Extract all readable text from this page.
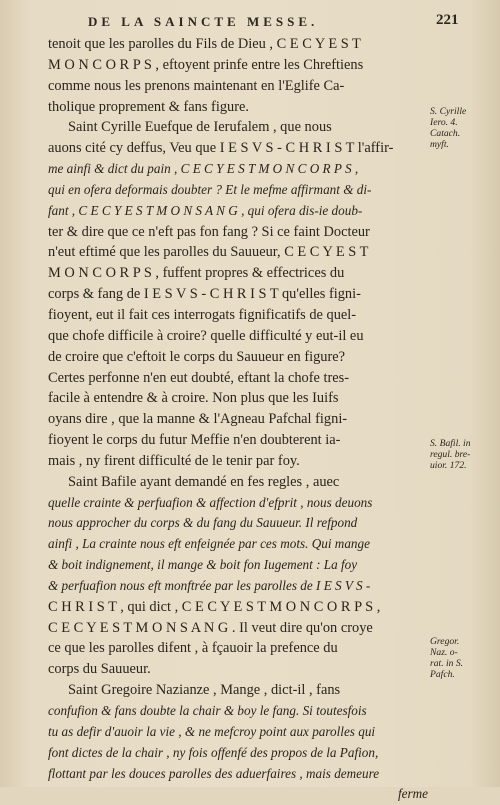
DE LA SAINCTE MESSE.	221
tenoit que les parolles du Fils de Dieu , C E C Y E S T
M O N C O R P S , eftoyent prinfe entre les Chreftiens
comme nous les prenons maintenant en l'Eglife Ca-
tholique proprement & fans figure.
Saint Cyrille Euefque de Ierufalem , que nous
auons cité cy deffus, Veu que I E S V S - C H R I S T l'affir-
me ainfi & dict du pain , C E C Y E S T M O N C O R P S ,
qui en ofera deformais doubter ? Et le mefme affirmant & di-
fant , C E C Y E S T M O N S A N G , qui ofera dis-ie doub-
ter & dire que ce n'eft pas fon fang ? Si ce faint Docteur
n'eut eftimé que les parolles du Sauueur, C E C Y E S T
M O N C O R P S , fuffent propres & effectrices du
corps & fang de I E S V S - C H R I S T qu'elles figni-
fioyent, eut il fait ces interrogats fignificatifs de quel-
que chofe difficile à croire? quelle difficulté y eut-il eu
de croire que c'eftoit le corps du Sauueur en figure?
Certes perfonne n'en eut doubté, eftant la chofe tres-
facile à entendre & à croire. Non plus que les Iuifs
oyans dire , que la manne & l'Agneau Pafchal figni-
fioyent le corps du futur Meffie n'en doubterent ia-
mais , ny firent difficulté de le tenir par foy.
Saint Bafile ayant demandé en fes regles , auec
quelle crainte & perfuafion & affection d'efprit , nous deuons
nous approcher du corps & du fang du Sauueur. Il refpond
ainfi , La crainte nous eft enfeignée par ces mots. Qui mange
& boit indignement, il mange & boit fon Iugement : La foy
& perfuafion nous eft monftrée par les parolles de I E S V S -
C H R I S T , qui dict , C E C Y E S T M O N C O R P S ,
C E C Y E S T M O N S A N G . Il veut dire qu'on croye
ce que les parolles difent , à fçauoir la prefence du
corps du Sauueur.
Saint Gregoire Nazianze , Mange , dict-il , fans
confufion & fans doubte la chair & boy le fang. Si toutesfois
tu as defir d'auoir la vie , & ne mefcroy point aux parolles qui
font dictes de la chair , ny fois offenfé des propos de la Pafion,
flottant par les douces parolles des aduerfaires , mais demeure
ferme
S. Cyrille
Iero. 4.
Catach.
myft.
S. Bafil. in
regul. bre-
uior. 172.
Gregor.
Naz. o-
rat. in S.
Pafch.
